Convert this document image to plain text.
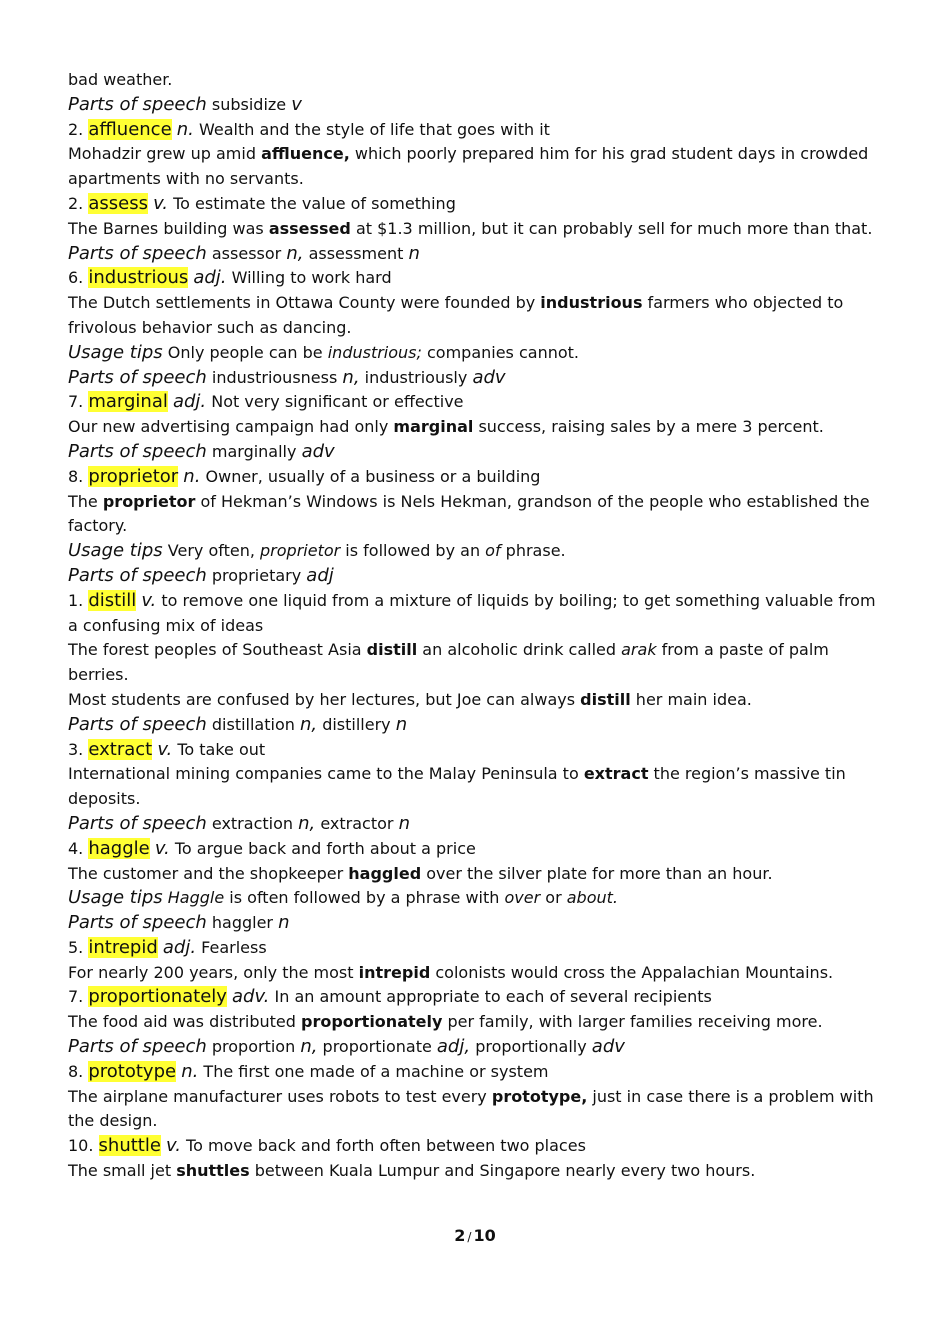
bad weather.

Parts of speech subsidize v

2. affluence n. Wealth and the style of life that goes with it

Mohadzir grew up amid affluence, which poorly prepared him for his grad student days in crowded apartments with no servants.

2. assess v. To estimate the value of something

The Barnes building was assessed at $1.3 million, but it can probably sell for much more than that.

Parts of speech assessor n, assessment n

6. industrious adj. Willing to work hard

The Dutch settlements in Ottawa County were founded by industrious farmers who objected to frivolous behavior such as dancing.

Usage tips Only people can be industrious; companies cannot.

Parts of speech industriousness n, industriously adv

7. marginal adj. Not very significant or effective

Our new advertising campaign had only marginal success, raising sales by a mere 3 percent.

Parts of speech marginally adv

8. proprietor n. Owner, usually of a business or a building

The proprietor of Hekman’s Windows is Nels Hekman, grandson of the people who established the factory.

Usage tips Very often, proprietor is followed by an of phrase.

Parts of speech proprietary adj

1. distill v. to remove one liquid from a mixture of liquids by boiling; to get something valuable from a confusing mix of ideas

The forest peoples of Southeast Asia distill an alcoholic drink called arak from a paste of palm berries.

Most students are confused by her lectures, but Joe can always distill her main idea.

Parts of speech distillation n, distillery n

3. extract v. To take out

International mining companies came to the Malay Peninsula to extract the region’s massive tin deposits.

Parts of speech extraction n, extractor n

4. haggle v. To argue back and forth about a price

The customer and the shopkeeper haggled over the silver plate for more than an hour.

Usage tips Haggle is often followed by a phrase with over or about.

Parts of speech haggler n

5. intrepid adj. Fearless

For nearly 200 years, only the most intrepid colonists would cross the Appalachian Mountains.

7. proportionately adv. In an amount appropriate to each of several recipients

The food aid was distributed proportionately per family, with larger families receiving more.

Parts of speech proportion n, proportionate adj, proportionally adv

8. prototype n. The first one made of a machine or system

The airplane manufacturer uses robots to test every prototype, just in case there is a problem with the design.

10. shuttle v. To move back and forth often between two places

The small jet shuttles between Kuala Lumpur and Singapore nearly every two hours.

2 / 10
